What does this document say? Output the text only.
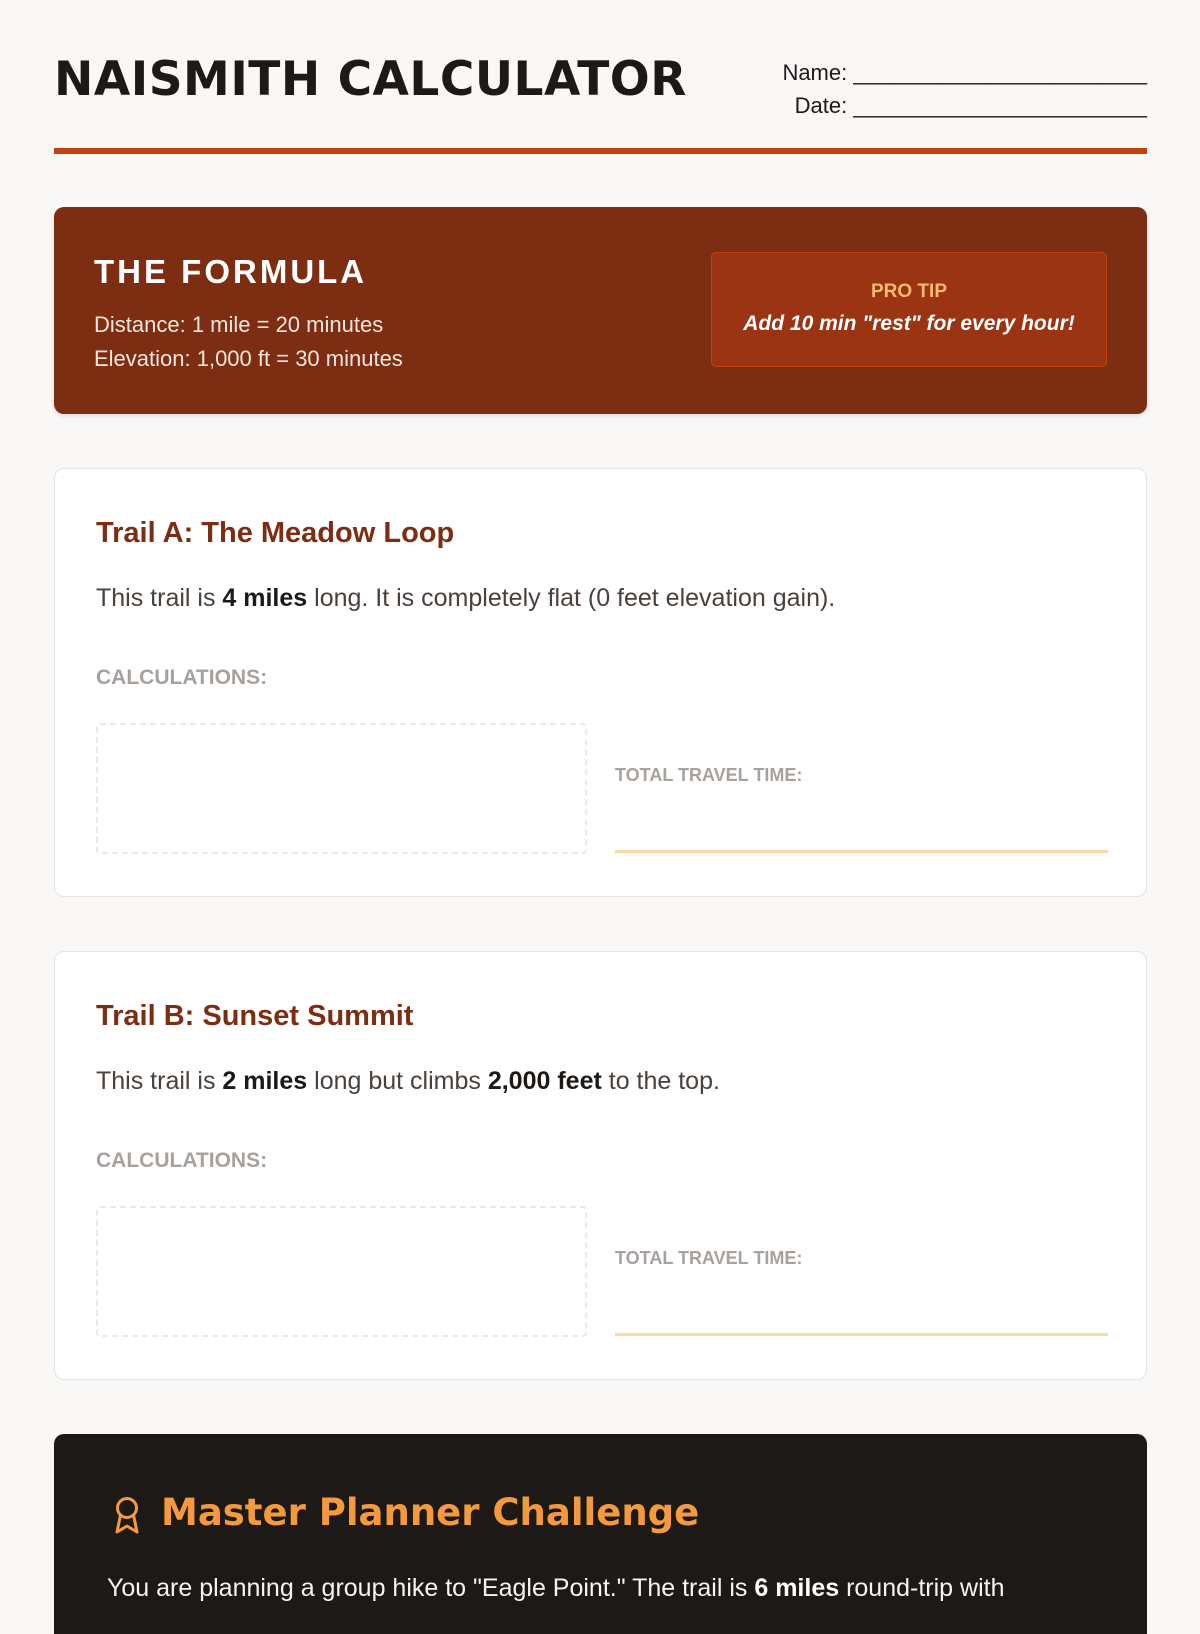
NAISMITH CALCULATOR	Name: ________________________
Date: ________________________
THE FORMULA
Distance: 1 mile = 20 minutes
Elevation: 1,000 ft = 30 minutes
PRO TIP
Add 10 min "rest" for every hour!
Trail A: The Meadow Loop

This trail is 4 miles long. It is completely flat (0 feet elevation gain).

CALCULATIONS:
TOTAL TRAVEL TIME:
Trail B: Sunset Summit

This trail is 2 miles long but climbs 2,000 feet to the top.

CALCULATIONS:
TOTAL TRAVEL TIME:
Master Planner Challenge

You are planning a group hike to "Eagle Point." The trail is 6 miles round-trip with
